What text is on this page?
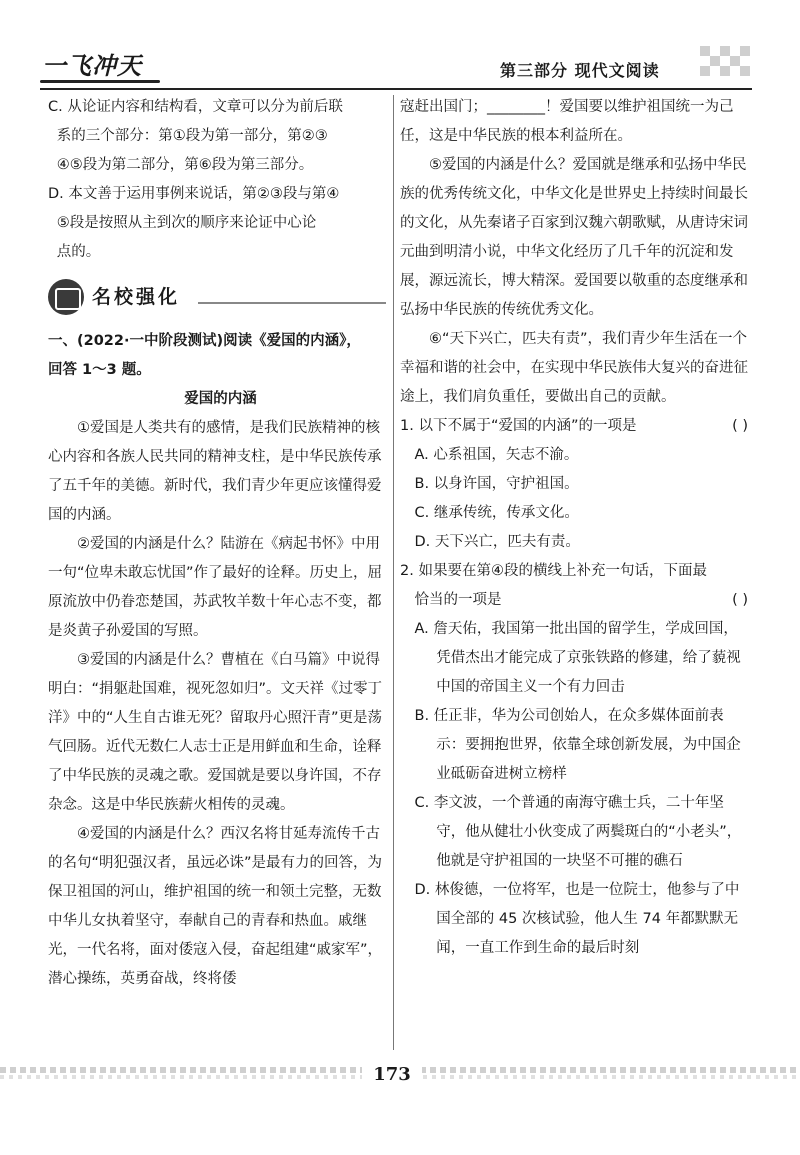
一飞冲天	第三部分 现代文阅读

C. 从论证内容和结构看，文章可以分为前后联

系的三个部分：第①段为第一部分，第②③

④⑤段为第二部分，第⑥段为第三部分。

D. 本文善于运用事例来说话，第②③段与第④

⑤段是按照从主到次的顺序来论证中心论

点的。

名校强化

一、(2022·一中阶段测试)阅读《爱国的内涵》，

回答 1～3 题。

爱国的内涵

①爱国是人类共有的感情，是我们民族精神的核心内容和各族人民共同的精神支柱，是中华民族传承了五千年的美德。新时代，我们青少年更应该懂得爱国的内涵。

②爱国的内涵是什么？陆游在《病起书怀》中用一句“位卑未敢忘忧国”作了最好的诠释。历史上，屈原流放中仍眷恋楚国，苏武牧羊数十年心志不变，都是炎黄子孙爱国的写照。

③爱国的内涵是什么？曹植在《白马篇》中说得明白：“捐躯赴国难，视死忽如归”。文天祥《过零丁洋》中的“人生自古谁无死？留取丹心照汗青”更是荡气回肠。近代无数仁人志士正是用鲜血和生命，诠释了中华民族的灵魂之歌。爱国就是要以身许国，不存杂念。这是中华民族薪火相传的灵魂。

④爱国的内涵是什么？西汉名将甘延寿流传千古的名句“明犯强汉者，虽远必诛”是最有力的回答，为保卫祖国的河山，维护祖国的统一和领土完整，无数中华儿女执着坚守，奉献自己的青春和热血。戚继光，一代名将，面对倭寇入侵，奋起组建“戚家军”，潜心操练，英勇奋战，终将倭

寇赶出国门；________！爱国要以维护祖国统一为己任，这是中华民族的根本利益所在。

⑤爱国的内涵是什么？爱国就是继承和弘扬中华民族的优秀传统文化，中华文化是世界史上持续时间最长的文化，从先秦诸子百家到汉魏六朝歌赋，从唐诗宋词元曲到明清小说，中华文化经历了几千年的沉淀和发展，源远流长，博大精深。爱国要以敬重的态度继承和弘扬中华民族的传统优秀文化。

⑥“天下兴亡，匹夫有责”，我们青少年生活在一个幸福和谐的社会中，在实现中华民族伟大复兴的奋进征途上，我们肩负重任，要做出自己的贡献。

1. 以下不属于“爱国的内涵”的一项是	( )

A. 心系祖国，矢志不渝。

B. 以身许国，守护祖国。

C. 继承传统，传承文化。

D. 天下兴亡，匹夫有责。

2. 如果要在第④段的横线上补充一句话，下面最

恰当的一项是	( )

A. 詹天佑，我国第一批出国的留学生，学成回国，凭借杰出才能完成了京张铁路的修建，给了藐视中国的帝国主义一个有力回击

B. 任正非，华为公司创始人，在众多媒体面前表示：要拥抱世界，依靠全球创新发展，为中国企业砥砺奋进树立榜样

C. 李文波，一个普通的南海守礁士兵，二十年坚守，他从健壮小伙变成了两鬓斑白的“小老头”，他就是守护祖国的一块坚不可摧的礁石

D. 林俊德，一位将军，也是一位院士，他参与了中国全部的 45 次核试验，他人生 74 年都默默无闻，一直工作到生命的最后时刻

173
